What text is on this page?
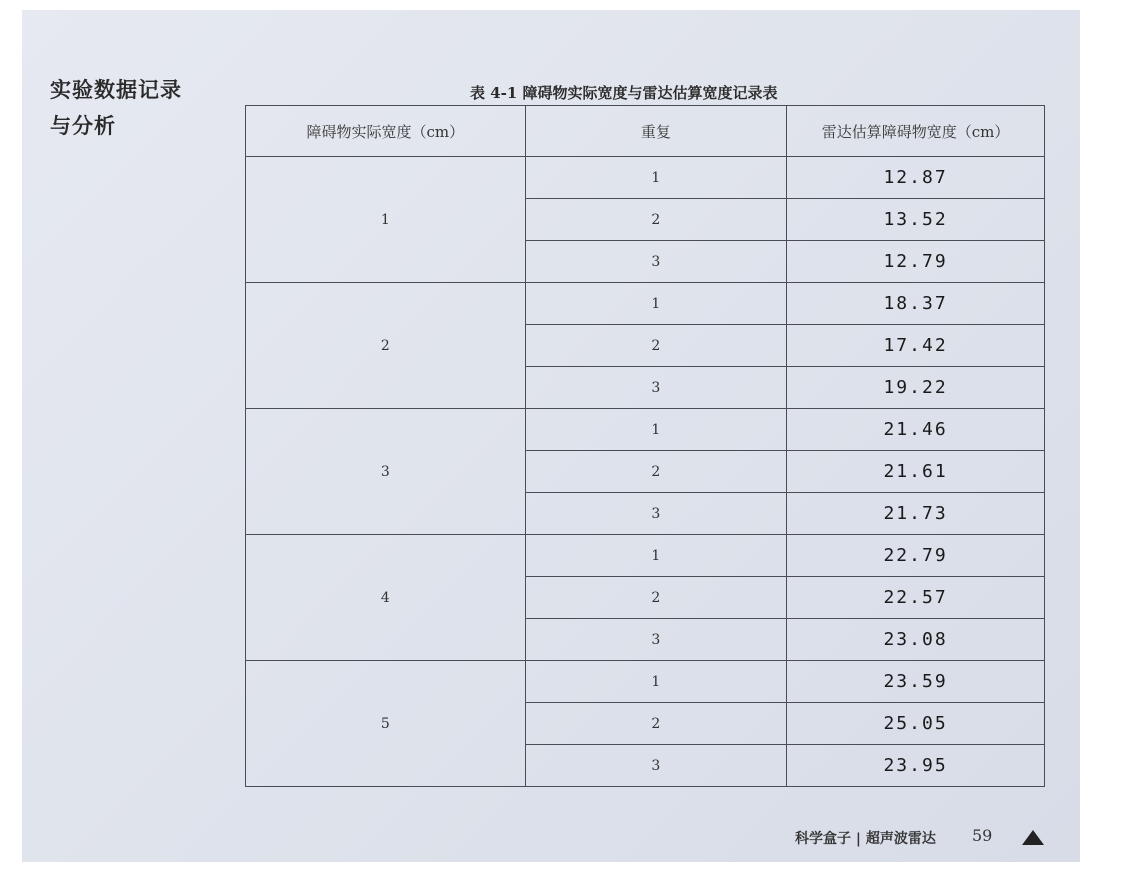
实验数据记录
与分析
表 4-1 障碍物实际宽度与雷达估算宽度记录表
障碍物实际宽度（cm）	重复	雷达估算障碍物宽度（cm）
1	1	12.87
	2	13.52
	3	12.79
2	1	18.37
	2	17.42
	3	19.22
3	1	21.46
	2	21.61
	3	21.73
4	1	22.79
	2	22.57
	3	23.08
5	1	23.59
	2	25.05
	3	23.95
科学盒子 | 超声波雷达 59
